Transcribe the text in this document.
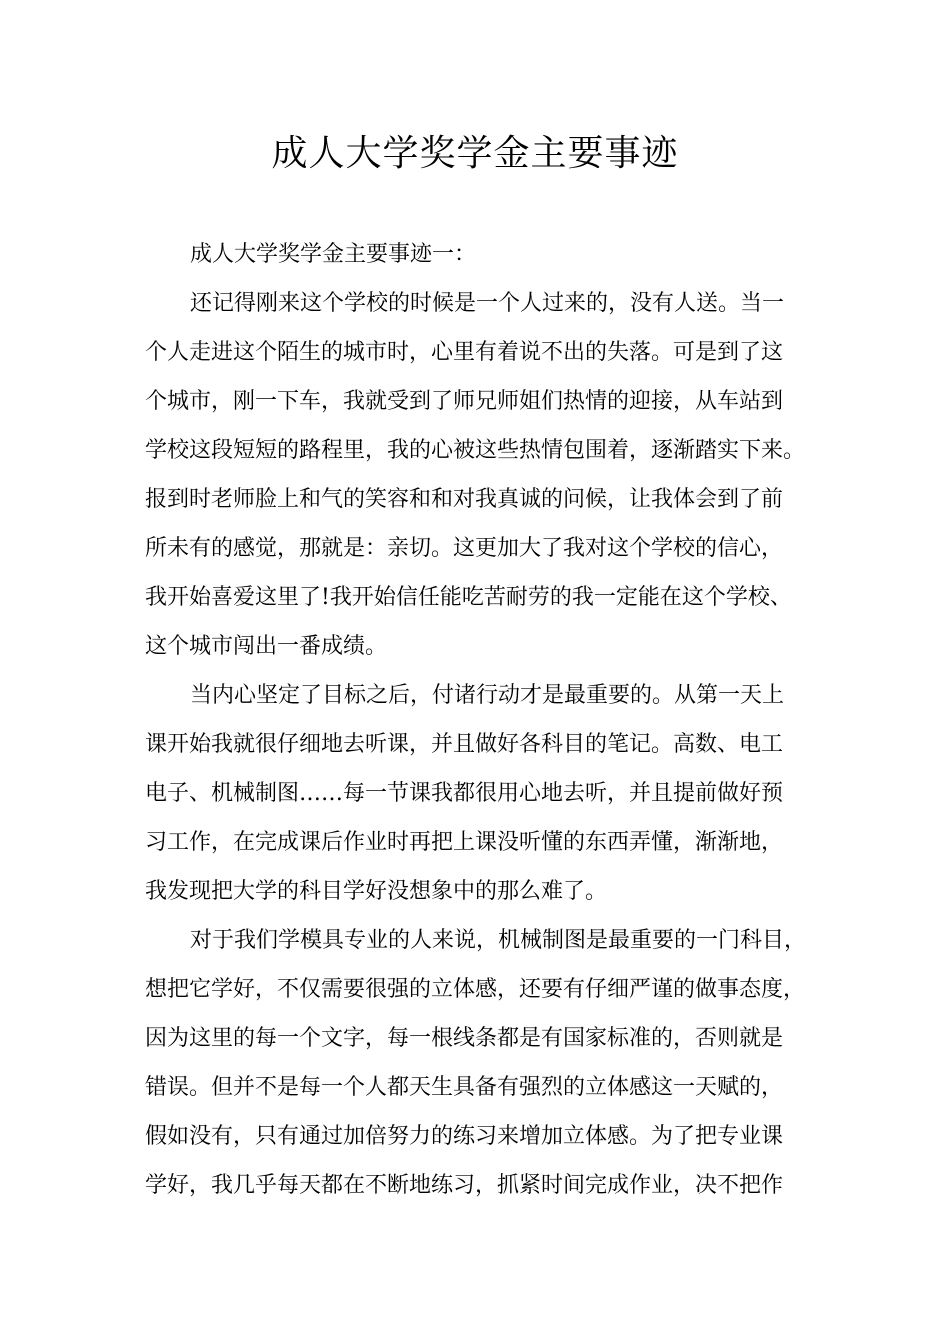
成人大学奖学金主要事迹
成人大学奖学金主要事迹一：
还记得刚来这个学校的时候是一个人过来的，没有人送。当一
个人走进这个陌生的城市时，心里有着说不出的失落。可是到了这
个城市，刚一下车，我就受到了师兄师姐们热情的迎接，从车站到
学校这段短短的路程里，我的心被这些热情包围着，逐渐踏实下来。
报到时老师脸上和气的笑容和和对我真诚的问候，让我体会到了前
所未有的感觉，那就是：亲切。这更加大了我对这个学校的信心，
我开始喜爱这里了!我开始信任能吃苦耐劳的我一定能在这个学校、
这个城市闯出一番成绩。
当内心坚定了目标之后，付诸行动才是最重要的。从第一天上
课开始我就很仔细地去听课，并且做好各科目的笔记。高数、电工
电子、机械制图……每一节课我都很用心地去听，并且提前做好预
习工作，在完成课后作业时再把上课没听懂的东西弄懂，渐渐地，
我发现把大学的科目学好没想象中的那么难了。
对于我们学模具专业的人来说，机械制图是最重要的一门科目，
想把它学好，不仅需要很强的立体感，还要有仔细严谨的做事态度，
因为这里的每一个文字，每一根线条都是有国家标准的，否则就是
错误。但并不是每一个人都天生具备有强烈的立体感这一天赋的，
假如没有，只有通过加倍努力的练习来增加立体感。为了把专业课
学好，我几乎每天都在不断地练习，抓紧时间完成作业，决不把作
